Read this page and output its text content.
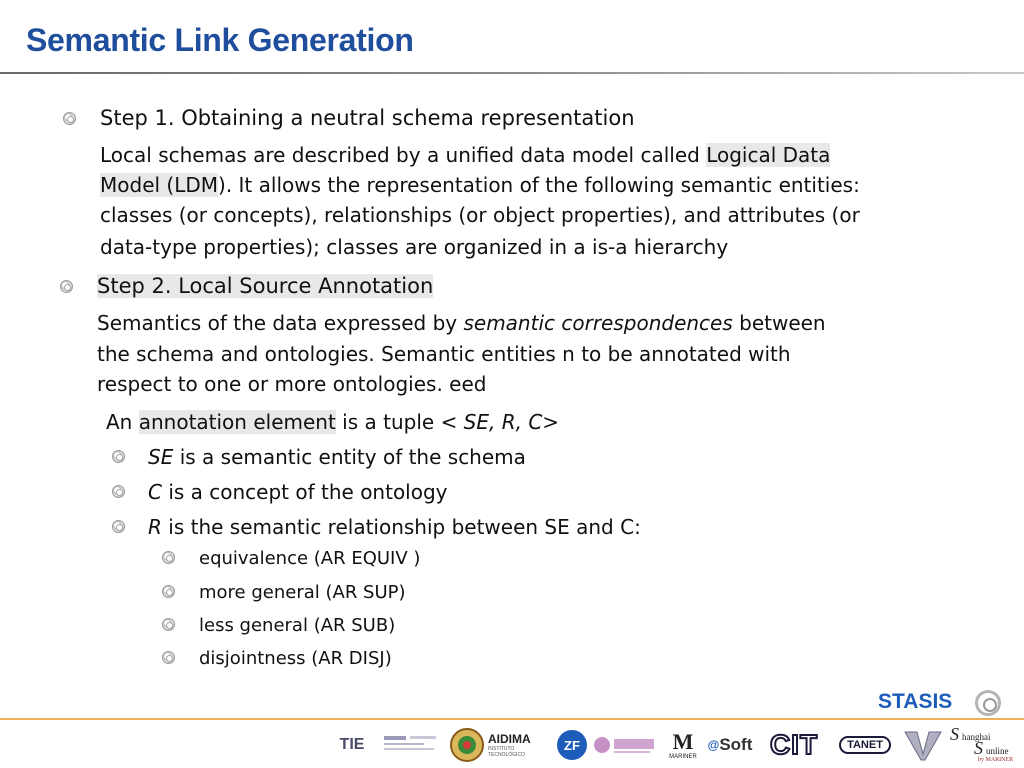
Semantic Link Generation
Step 1. Obtaining a neutral schema representation
Local schemas are described by a unified data model called Logical Data
Model (LDM). It allows the representation of the following semantic entities:
classes (or concepts), relationships (or object properties), and attributes (or
data-type properties); classes are organized in a is-a hierarchy
Step 2. Local Source Annotation
Semantics of the data expressed by semantic correspondences between
the schema and ontologies. Semantic entities n to be annotated with
respect to one or more ontologies. eed
An annotation element is a tuple < SE, R, C>
SE is a semantic entity of the schema
C is a concept of the ontology
R is the semantic relationship between SE and C:
equivalence (AR EQUIV )
more general (AR SUP)
less general (AR SUB)
disjointness (AR DISJ)
STASIS
TIE	AIDIMA
INSTITUTO TECNOLÓGICO
ZF	M
MARINER
@ Soft CIT	TANET
S hanghai
S unline
by MARINER
